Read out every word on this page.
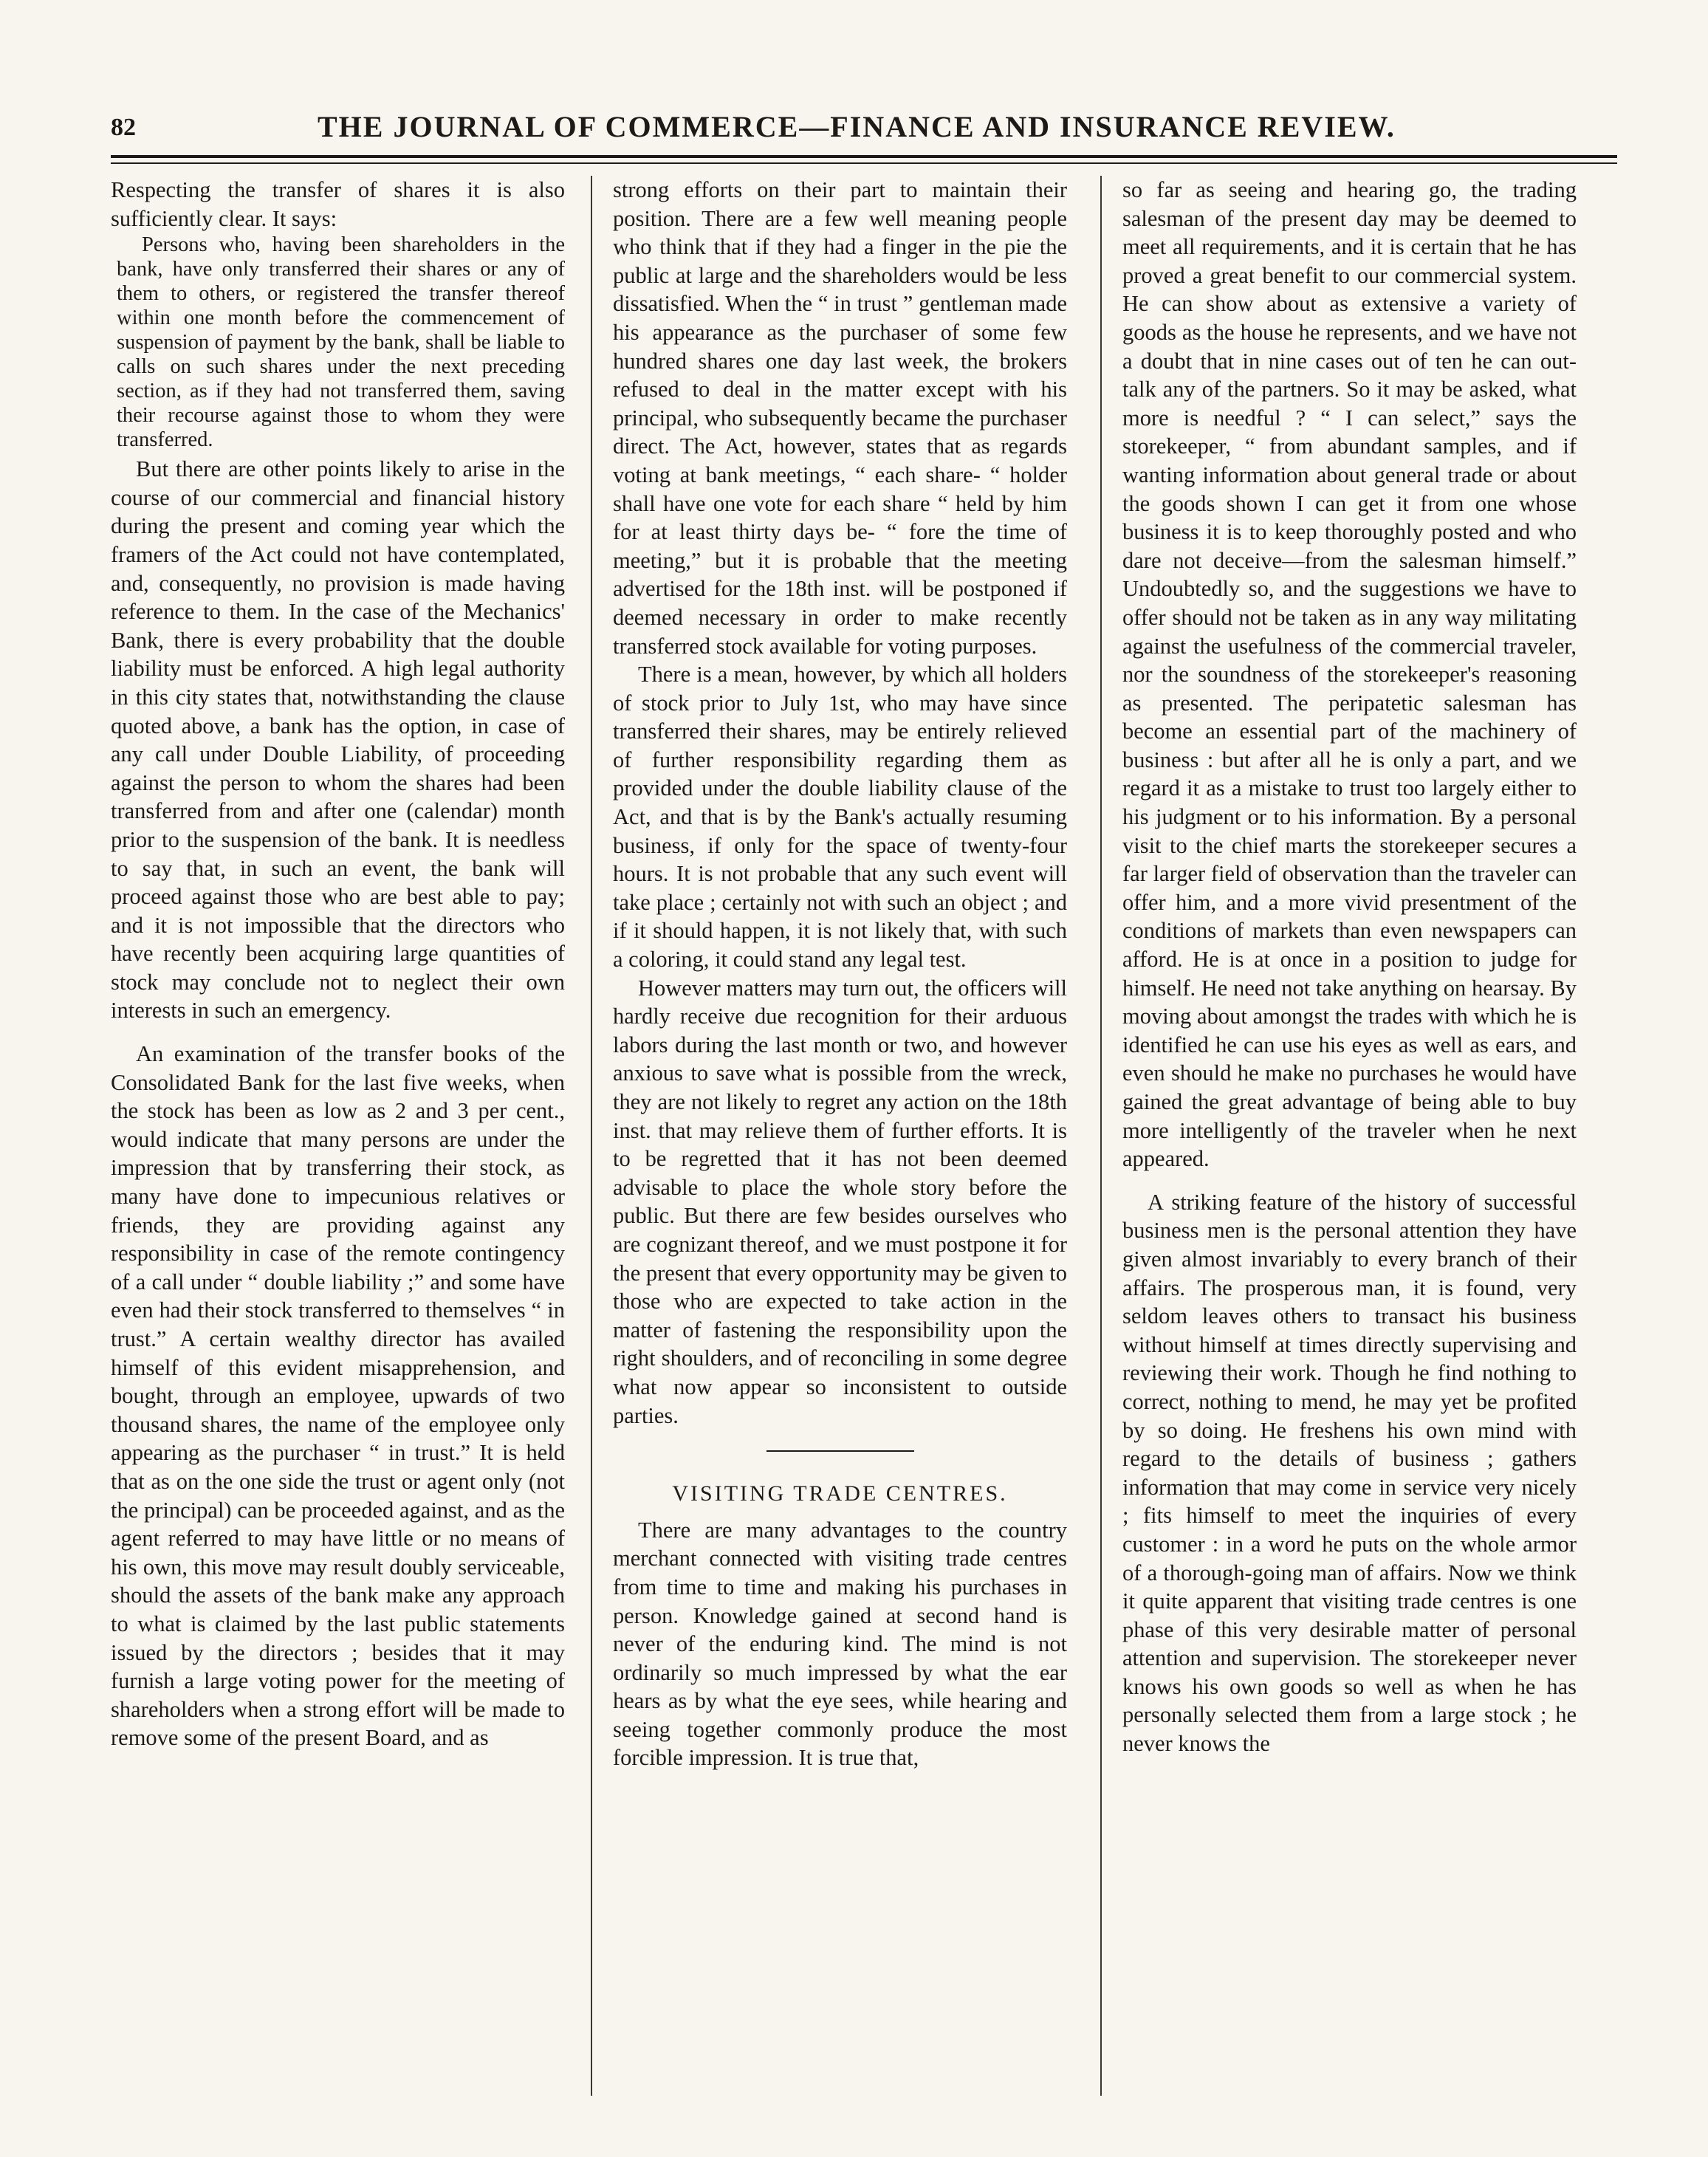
82	THE JOURNAL OF COMMERCE—FINANCE AND INSURANCE REVIEW.

Respecting the transfer of shares it is also sufficiently clear. It says:

Persons who, having been shareholders in the bank, have only transferred their shares or any of them to others, or registered the transfer thereof within one month before the commencement of suspension of payment by the bank, shall be liable to calls on such shares under the next preceding section, as if they had not transferred them, saving their recourse against those to whom they were transferred.

But there are other points likely to arise in the course of our commercial and financial history during the present and coming year which the framers of the Act could not have contemplated, and, consequently, no provision is made having reference to them. In the case of the Mechanics' Bank, there is every probability that the double liability must be enforced. A high legal authority in this city states that, notwithstanding the clause quoted above, a bank has the option, in case of any call under Double Liability, of proceeding against the person to whom the shares had been transferred from and after one (calendar) month prior to the suspension of the bank. It is needless to say that, in such an event, the bank will proceed against those who are best able to pay; and it is not impossible that the directors who have recently been acquiring large quantities of stock may conclude not to neglect their own interests in such an emergency.

An examination of the transfer books of the Consolidated Bank for the last five weeks, when the stock has been as low as 2 and 3 per cent., would indicate that many persons are under the impression that by transferring their stock, as many have done to impecunious relatives or friends, they are providing against any responsibility in case of the remote contingency of a call under “ double liability ;” and some have even had their stock transferred to themselves “ in trust.” A certain wealthy director has availed himself of this evident misapprehension, and bought, through an employee, upwards of two thousand shares, the name of the employee only appearing as the purchaser “ in trust.” It is held that as on the one side the trust or agent only (not the principal) can be proceeded against, and as the agent referred to may have little or no means of his own, this move may result doubly serviceable, should the assets of the bank make any approach to what is claimed by the last public statements issued by the directors ; besides that it may furnish a large voting power for the meeting of shareholders when a strong effort will be made to remove some of the present Board, and as

strong efforts on their part to maintain their position. There are a few well meaning people who think that if they had a finger in the pie the public at large and the shareholders would be less dissatisfied. When the “ in trust ” gentleman made his appearance as the purchaser of some few hundred shares one day last week, the brokers refused to deal in the matter except with his principal, who subsequently became the purchaser direct. The Act, however, states that as regards voting at bank meetings, “ each share- “ holder shall have one vote for each share “ held by him for at least thirty days be- “ fore the time of meeting,” but it is probable that the meeting advertised for the 18th inst. will be postponed if deemed necessary in order to make recently transferred stock available for voting purposes.

There is a mean, however, by which all holders of stock prior to July 1st, who may have since transferred their shares, may be entirely relieved of further responsibility regarding them as provided under the double liability clause of the Act, and that is by the Bank's actually resuming business, if only for the space of twenty-four hours. It is not probable that any such event will take place ; certainly not with such an object ; and if it should happen, it is not likely that, with such a coloring, it could stand any legal test.

However matters may turn out, the officers will hardly receive due recognition for their arduous labors during the last month or two, and however anxious to save what is possible from the wreck, they are not likely to regret any action on the 18th inst. that may relieve them of further efforts. It is to be regretted that it has not been deemed advisable to place the whole story before the public. But there are few besides ourselves who are cognizant thereof, and we must postpone it for the present that every opportunity may be given to those who are expected to take action in the matter of fastening the responsibility upon the right shoulders, and of reconciling in some degree what now appear so inconsistent to outside parties.

VISITING TRADE CENTRES.

There are many advantages to the country merchant connected with visiting trade centres from time to time and making his purchases in person. Knowledge gained at second hand is never of the enduring kind. The mind is not ordinarily so much impressed by what the ear hears as by what the eye sees, while hearing and seeing together commonly produce the most forcible impression. It is true that,

so far as seeing and hearing go, the trading salesman of the present day may be deemed to meet all requirements, and it is certain that he has proved a great benefit to our commercial system. He can show about as extensive a variety of goods as the house he represents, and we have not a doubt that in nine cases out of ten he can out-talk any of the partners. So it may be asked, what more is needful ? “ I can select,” says the storekeeper, “ from abundant samples, and if wanting information about general trade or about the goods shown I can get it from one whose business it is to keep thoroughly posted and who dare not deceive—from the salesman himself.” Undoubtedly so, and the suggestions we have to offer should not be taken as in any way militating against the usefulness of the commercial traveler, nor the soundness of the storekeeper's reasoning as presented. The peripatetic salesman has become an essential part of the machinery of business : but after all he is only a part, and we regard it as a mistake to trust too largely either to his judgment or to his information. By a personal visit to the chief marts the storekeeper secures a far larger field of observation than the traveler can offer him, and a more vivid presentment of the conditions of markets than even newspapers can afford. He is at once in a position to judge for himself. He need not take anything on hearsay. By moving about amongst the trades with which he is identified he can use his eyes as well as ears, and even should he make no purchases he would have gained the great advantage of being able to buy more intelligently of the traveler when he next appeared.

A striking feature of the history of successful business men is the personal attention they have given almost invariably to every branch of their affairs. The prosperous man, it is found, very seldom leaves others to transact his business without himself at times directly supervising and reviewing their work. Though he find nothing to correct, nothing to mend, he may yet be profited by so doing. He freshens his own mind with regard to the details of business ; gathers information that may come in service very nicely ; fits himself to meet the inquiries of every customer : in a word he puts on the whole armor of a thorough-going man of affairs. Now we think it quite apparent that visiting trade centres is one phase of this very desirable matter of personal attention and supervision. The storekeeper never knows his own goods so well as when he has personally selected them from a large stock ; he never knows the
